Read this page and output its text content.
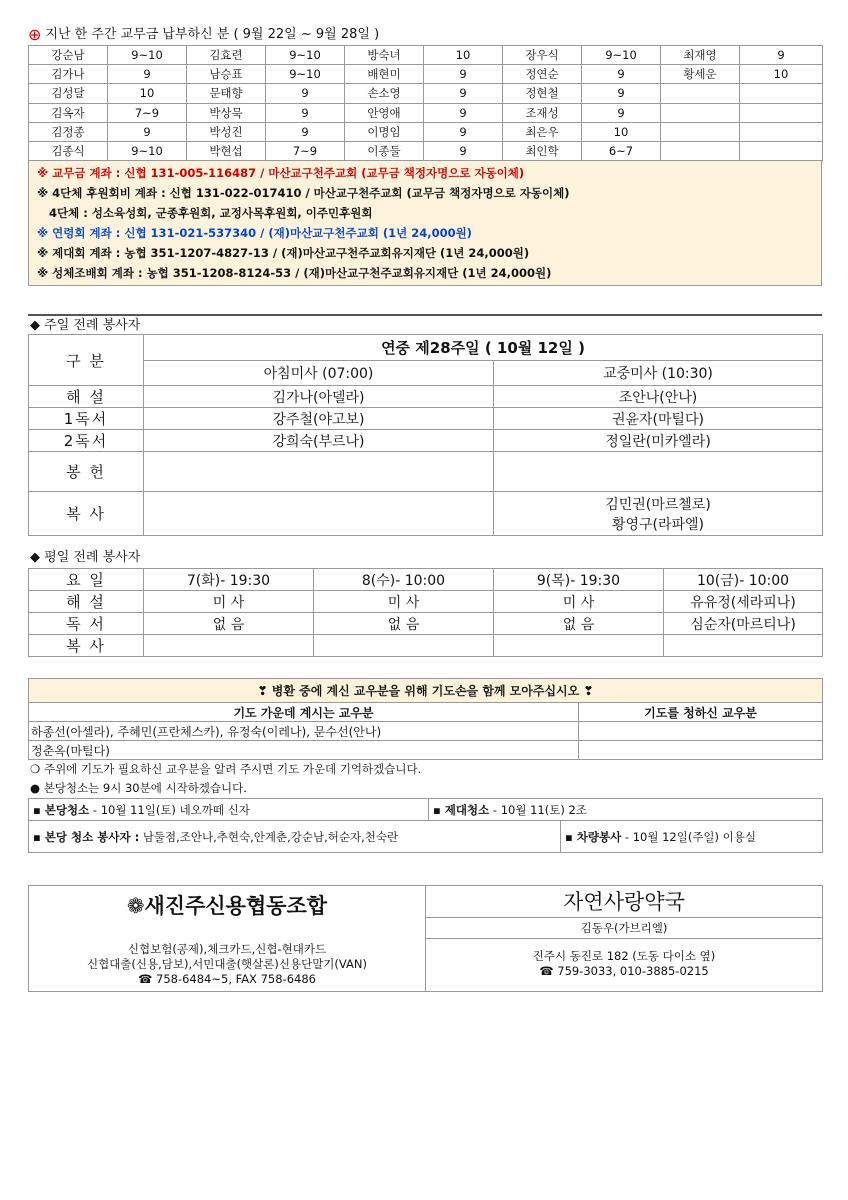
⊕ 지난 한 주간 교무금 납부하신 분 ( 9월 22일 ~ 9월 28일 )
강순남	9~10	김효련	9~10	방숙녀	10	장우식	9~10	최재영	9
김가나	9	남승표	9~10	배현미	9	정연순	9	황세운	10
김성달	10	문태향	9	손소영	9	정현철	9		
김옥자	7~9	박상묵	9	안영애	9	조재성	9		
김정종	9	박성진	9	이명임	9	최은우	10		
김종식	9~10	박현섭	7~9	이종둘	9	최인학	6~7		
※ 교무금 계좌 : 신협 131-005-116487 / 마산교구천주교회 (교무금 책정자명으로 자동이체)
※ 4단체 후원회비 계좌 : 신협 131-022-017410 / 마산교구천주교회 (교무금 책정자명으로 자동이체)
4단체 : 성소육성회, 군종후원회, 교정사목후원회, 이주민후원회
※ 연령회 계좌 : 신협 131-021-537340 / (재)마산교구천주교회 (1년 24,000원)
※ 제대회 계좌 : 농협 351-1207-4827-13 / (재)마산교구천주교회유지재단 (1년 24,000원)
※ 성체조배회 계좌 : 농협 351-1208-8124-53 / (재)마산교구천주교회유지재단 (1년 24,000원)
◆ 주일 전례 봉사자
구 분	연중 제28주일 ( 10월 12일 )	
	아침미사 (07:00)	교중미사 (10:30)
해 설	김가나(아델라)	조안나(안나)
1독서	강주철(야고보)	권윤자(마틸다)
2독서	강희숙(부르나)	정일란(미카엘라)
봉 헌		
복 사		김민권(마르첼로)
황영구(라파엘)
◆ 평일 전례 봉사자
요 일	7(화)- 19:30	8(수)- 10:00	9(목)- 19:30	10(금)- 10:00
해 설	미 사	미 사	미 사	유유정(세라피나)
독 서	없 음	없 음	없 음	심순자(마르티나)
복 사				
❣ 병환 중에 계신 교우분을 위해 기도손을 함께 모아주십시오 ❣	
기도 가운데 계시는 교우분	기도를 청하신 교우분
하종선(아셀라), 주혜민(프란체스카), 유정숙(이레나), 문수선(안나)	
정춘옥(마틸다)	
❍ 주위에 기도가 필요하신 교우분을 알려 주시면 기도 가운데 기억하겠습니다.
● 본당청소는 9시 30분에 시작하겠습니다.
▪ 본당청소 - 10월 11일(토) 네오까떼 신자	▪ 제대청소 - 10월 11(토) 2조	
▪ 본당 청소 봉사자 : 남둘점,조안나,추현숙,안계춘,강순남,허순자,천숙란		▪ 차량봉사 - 10월 12일(주일) 이용실
❁새진주신용협동조합
신협보험(공제),체크카드,신협-현대카드
신협대출(신용,담보),서민대출(햇살론)신용단말기(VAN)
☎ 758-6484~5, FAX 758-6486

자연사랑약국
김동우(가브리엘)
진주시 동진로 182 (도동 다이소 옆)
☎ 759-3033, 010-3885-0215
